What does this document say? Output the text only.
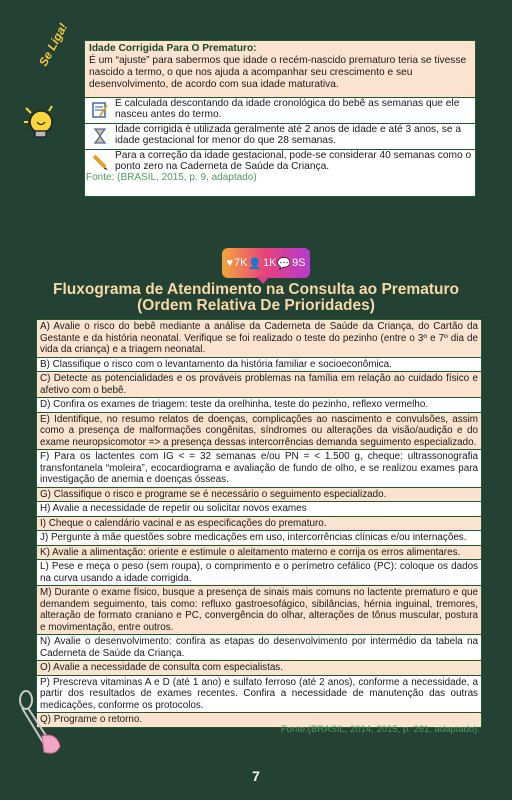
Se Liga! Idade Corrigida Para O Prematuro:
É um “ajuste” para sabermos que idade o recém-nascido prematuro teria se tivesse nascido a termo, o que nos ajuda a acompanhar seu crescimento e seu desenvolvimento, de acordo com sua idade maturativa.
É calculada descontando da idade cronológica do bebê as semanas que ele nasceu antes do termo.
Idade corrigida é utilizada geralmente até 2 anos de idade e até 3 anos, se a idade gestacional for menor do que 28 semanas.
Para a correção da idade gestacional, pode-se considerar 40 semanas como o ponto zero na Caderneta de Saúde da Criança.
Fonte: (BRASIL, 2015, p. 9, adaptado)
♥ 7K 👤 1K 💬 9S
Fluxograma de Atendimento na Consulta ao Prematuro
(Ordem Relativa De Prioridades)
A) Avalie o risco do bebê mediante a análise da Caderneta de Saúde da Criança, do Cartão da Gestante e da história neonatal. Verifique se foi realizado o teste do pezinho (entre o 3º e 7º dia de vida da criança) e a triagem neonatal.
B) Classifique o risco com o levantamento da história familiar e socioeconômica.
C) Detecte as potencialidades e os prováveis problemas na família em relação ao cuidado físico e afetivo com o bebê.
D) Confira os exames de triagem: teste da orelhinha, teste do pezinho, reflexo vermelho.
E) Identifique, no resumo relatos de doenças, complicações ao nascimento e convulsões, assim como a presença de malformações congênitas, síndromes ou alterações da visão/audição e do exame neuropsicomotor => a presença dessas intercorrências demanda seguimento especializado.
F) Para os lactentes com IG < = 32 semanas e/ou PN = < 1.500 g, cheque: ultrassonografia transfontanela “moleira”, ecocardiograma e avaliação de fundo de olho, e se realizou exames para investigação de anemia e doenças ósseas.
G) Classifique o risco e programe se é necessário o seguimento especializado.
H) Avalie a necessidade de repetir ou solicitar novos exames
I) Cheque o calendário vacinal e as especificações do prematuro.
J) Pergunte à mãe questões sobre medicações em uso, intercorrências clínicas e/ou internações.
K) Avalie a alimentação: oriente e estimule o aleitamento materno e corrija os erros alimentares.
L) Pese e meça o peso (sem roupa), o comprimento e o perímetro cefálico (PC): coloque os dados na curva usando a idade corrigida.
M) Durante o exame físico, busque a presença de sinais mais comuns no lactente prematuro e que demandem seguimento, tais como: refluxo gastroesofágico, sibilâncias, hérnia inguinal, tremores, alteração de formato craniano e PC, convergência do olhar, alterações de tônus muscular, postura e movimentação, entre outros.
N) Avalie o desenvolvimento: confira as etapas do desenvolvimento por intermédio da tabela na Caderneta de Saúde da Criança.
O) Avalie a necessidade de consulta com especialistas.
P) Prescreva vitaminas A e D (até 1 ano) e sulfato ferroso (até 2 anos), conforme a necessidade, a partir dos resultados de exames recentes. Confira a necessidade de manutenção das outras medicações, conforme os protocolos.
Q) Programe o retorno.
Fonte:(BRASIL, 2014, 2015, p. 261, adaptado).
7
